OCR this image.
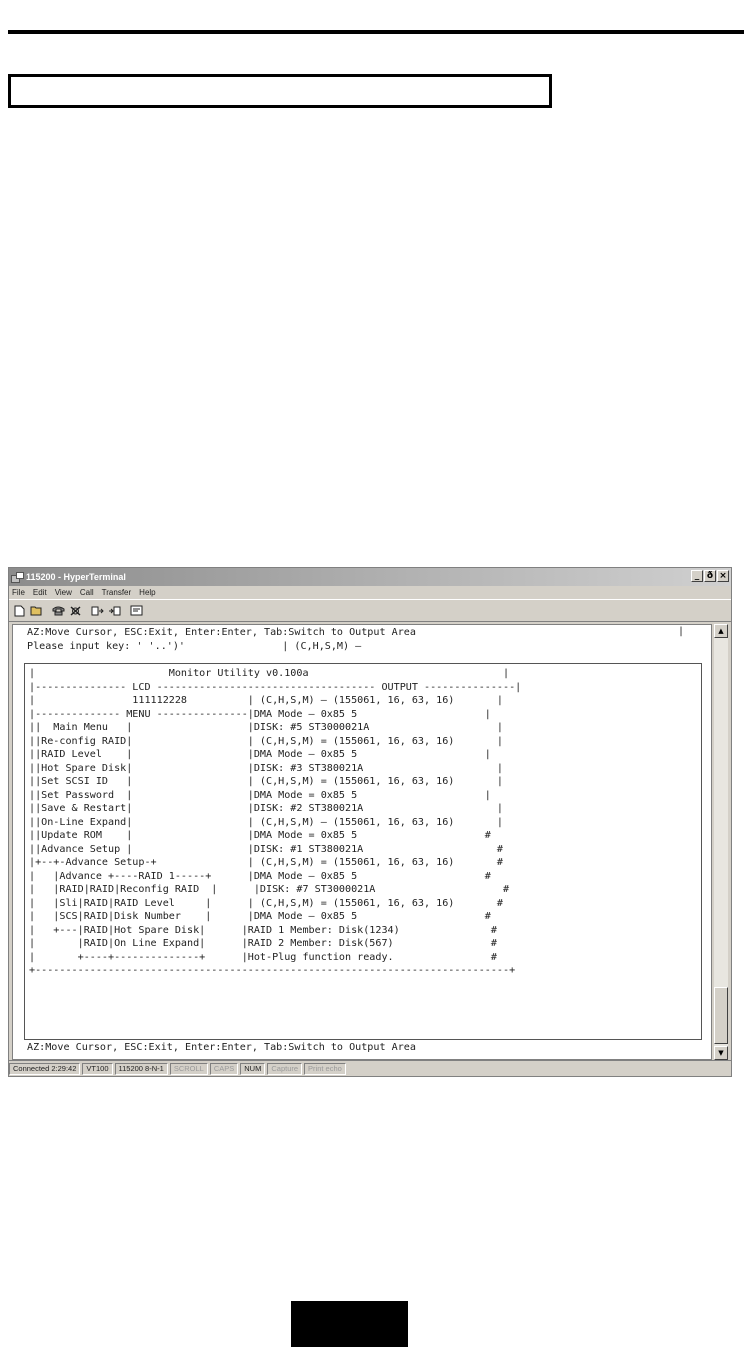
115200 - HyperTerminal	_ ð ×
File Edit View Call Transfer Help
AZ:Move Cursor, ESC:Exit, Enter:Enter, Tab:Switch to Output Area
Please input key: ' '..')'                | (C,H,S,M) —
|
|                      Monitor Utility v0.100a                                |
|--------------- LCD ------------------------------------ OUTPUT ---------------|
|                111112228          | (C,H,S,M) — (155061, 16, 63, 16)       |
|-------------- MENU ---------------|DMA Mode — 0x85 5                     |
||  Main Menu   |                   |DISK: #5 ST3000021A                     |
||Re-config RAID|                   | (C,H,S,M) = (155061, 16, 63, 16)       |
||RAID Level    |                   |DMA Mode — 0x85 5                     |
||Hot Spare Disk|                   |DISK: #3 ST380021A                      |
||Set SCSI ID   |                   | (C,H,S,M) = (155061, 16, 63, 16)       |
||Set Password  |                   |DMA Mode = 0x85 5                     |
||Save & Restart|                   |DISK: #2 ST380021A                      |
||On-Line Expand|                   | (C,H,S,M) — (155061, 16, 63, 16)       |
||Update ROM    |                   |DMA Mode = 0x85 5                     #
||Advance Setup |                   |DISK: #1 ST380021A                      #
|+--+-Advance Setup-+               | (C,H,S,M) = (155061, 16, 63, 16)       #
|   |Advance +----RAID 1-----+      |DMA Mode — 0x85 5                     #
|   |RAID|RAID|Reconfig RAID  |      |DISK: #7 ST3000021A                     #
|   |Sli|RAID|RAID Level     |      | (C,H,S,M) = (155061, 16, 63, 16)       #
|   |SCS|RAID|Disk Number    |      |DMA Mode — 0x85 5                     #
|   +---|RAID|Hot Spare Disk|      |RAID 1 Member: Disk(1234)               #
|       |RAID|On Line Expand|      |RAID 2 Member: Disk(567)                #
|       +----+--------------+      |Hot-Plug function ready.                #
+------------------------------------------------------------------------------+
AZ:Move Cursor, ESC:Exit, Enter:Enter, Tab:Switch to Output Area
▲
▼
Connected 2:29:42	VT100	115200 8-N-1	SCROLL	CAPS	NUM	Capture	Print echo
